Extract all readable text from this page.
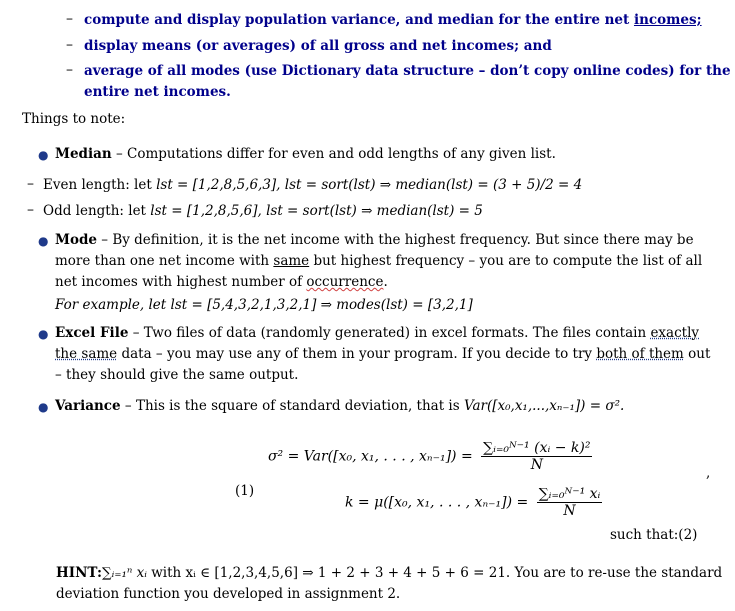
– compute and display population variance, and median for the entire net incomes;
– display means (or averages) of all gross and net incomes; and
– average of all modes (use Dictionary data structure – don’t copy online codes) for the
entire net incomes.
Things to note:
● Median – Computations differ for even and odd lengths of any given list.
– Even length: let lst = [1,2,8,5,6,3], lst = sort(lst) ⇒ median(lst) = (3 + 5)/2 = 4
– Odd length: let lst = [1,2,8,5,6], lst = sort(lst) ⇒ median(lst) = 5
● Mode – By definition, it is the net income with the highest frequency. But since there may be
more than one net income with same but highest frequency – you are to compute the list of all
net incomes with highest number of occurrence.
For example, let lst = [5,4,3,2,1,3,2,1] ⇒ modes(lst) = [3,2,1]
● Excel File – Two files of data (randomly generated) in excel formats. The files contain exactly
the same data – you may use any of them in your program. If you decide to try both of them out
– they should give the same output.
● Variance – This is the square of standard deviation, that is Var([x₀,x₁,...,xₙ₋₁]) = σ².
(1)
σ² = Var([x₀, x₁, . . . , $x_{n-1}]) = \frac{\text{∑ᵢ₌₀ᴺ⁻¹ (xᵢ − k)²}}{N}$	,
k = μ([x₀, x₁, . . . , $x_{n-1}]) = \frac{\text{∑ᵢ₌₀ᴺ⁻¹ xᵢ}}{N}$
such that:(2)
HINT:∑ᵢ₌₁ⁿ xᵢ with xᵢ ∈ [1,2,3,4,5,6] ⇒ 1 + 2 + 3 + 4 + 5 + 6 = 21. You are to re-use the standard
deviation function you developed in assignment 2.
